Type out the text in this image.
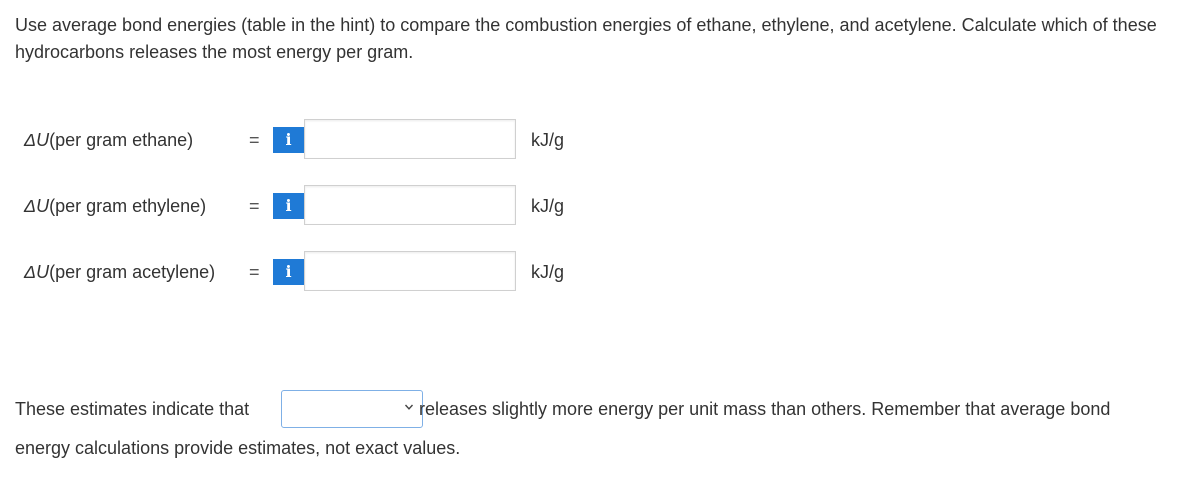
Use average bond energies (table in the hint) to compare the combustion energies of ethane, ethylene, and acetylene. Calculate which of these hydrocarbons releases the most energy per gram.

ΔU(per gram ethane)	=	i	kJ/g
ΔU(per gram ethylene) =	i	kJ/g
ΔU(per gram acetylene) =	i	kJ/g
These estimates indicate that	releases slightly more energy per unit mass than others. Remember that average bond
energy calculations provide estimates, not exact values.
